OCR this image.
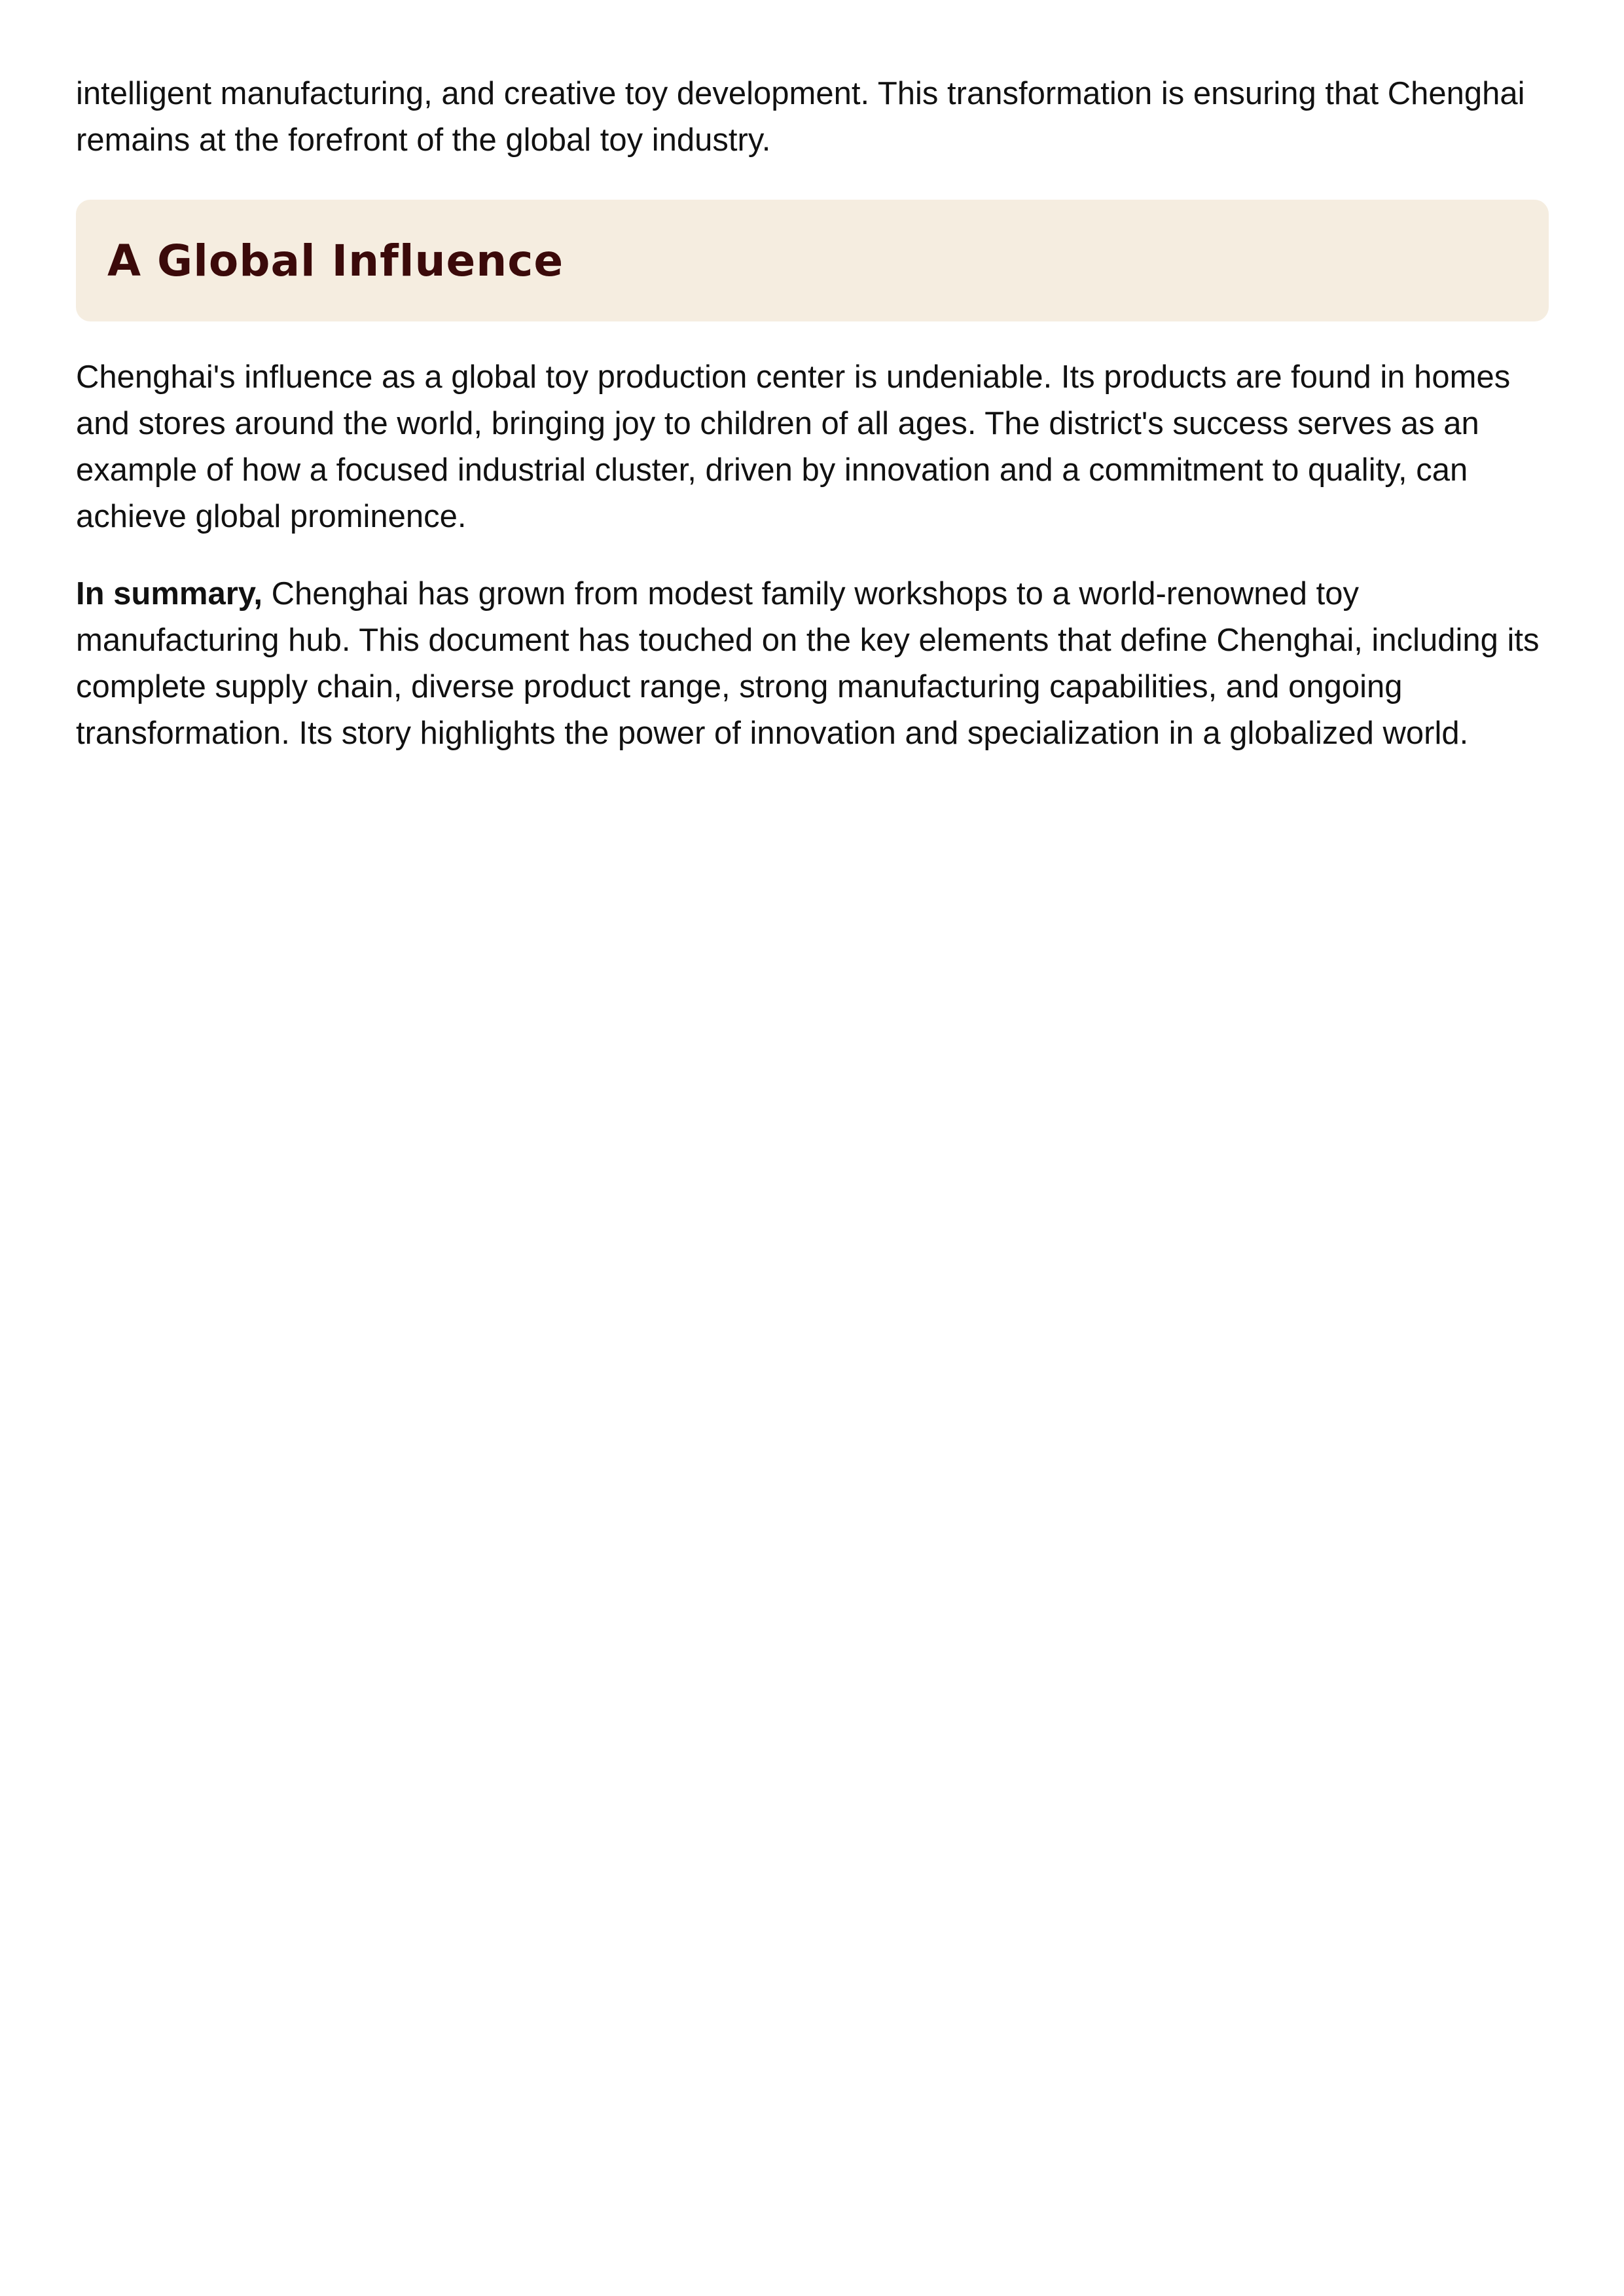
intelligent manufacturing, and creative toy development. This transformation is ensuring that Chenghai remains at the forefront of the global toy industry.

A Global Influence

Chenghai's influence as a global toy production center is undeniable. Its products are found in homes and stores around the world, bringing joy to children of all ages. The district's success serves as an example of how a focused industrial cluster, driven by innovation and a commitment to quality, can achieve global prominence.

In summary, Chenghai has grown from modest family workshops to a world-renowned toy manufacturing hub. This document has touched on the key elements that define Chenghai, including its complete supply chain, diverse product range, strong manufacturing capabilities, and ongoing transformation. Its story highlights the power of innovation and specialization in a globalized world.
